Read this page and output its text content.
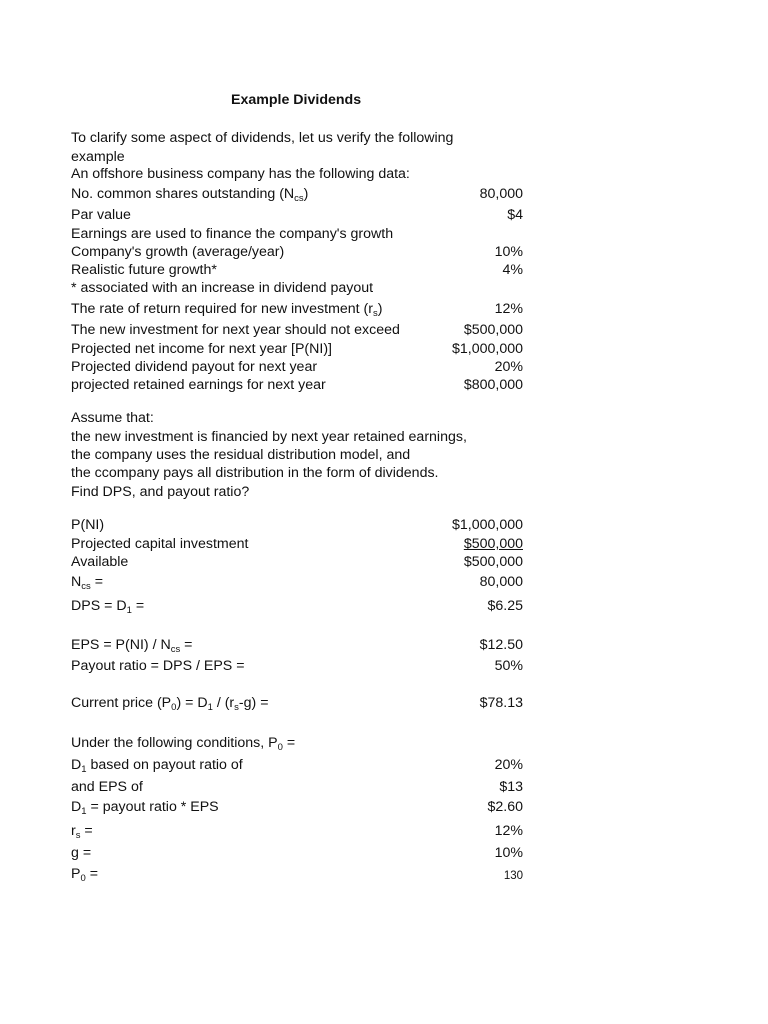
Example Dividends
To clarify some aspect of dividends, let us verify the following
example
An offshore business company has the following data:
No. common shares outstanding $(N_{cs})$	80,000
Par value	$4
Earnings are used to finance the company's growth
Company's growth (average/year)	10%
Realistic future growth*	4%
* associated with an increase in dividend payout
The rate of return required for new investment $(r_s)$	12%
The new investment for next year should not exceed	$500,000
Projected net income for next year [P(NI)]	$1,000,000
Projected dividend payout for next year	20%
projected retained earnings for next year	$800,000
Assume that:
the new investment is financied by next year retained earnings,
the company uses the residual distribution model, and
the ccompany pays all distribution in the form of dividends.
Find DPS, and payout ratio?
P(NI)	$1,000,000
Projected capital investment	$500,000
Available	$500,000
$N_{cs}$ =	80,000
DPS = $D_1$ =	$6.25
EPS = $P(NI) / N_{cs}$ =	$12.50
Payout ratio = DPS / EPS =	50%
Current price $(P_0) = D_1 / (r_s-g)$ =	$78.13
Under the following conditions, $P_0$ =
$D_1$ based on payout ratio of	20%
and EPS of	$13
$D_1$ = payout ratio * EPS	$2.60
$r_s$ =	12%
g =	10%
$P_0$ =	130
